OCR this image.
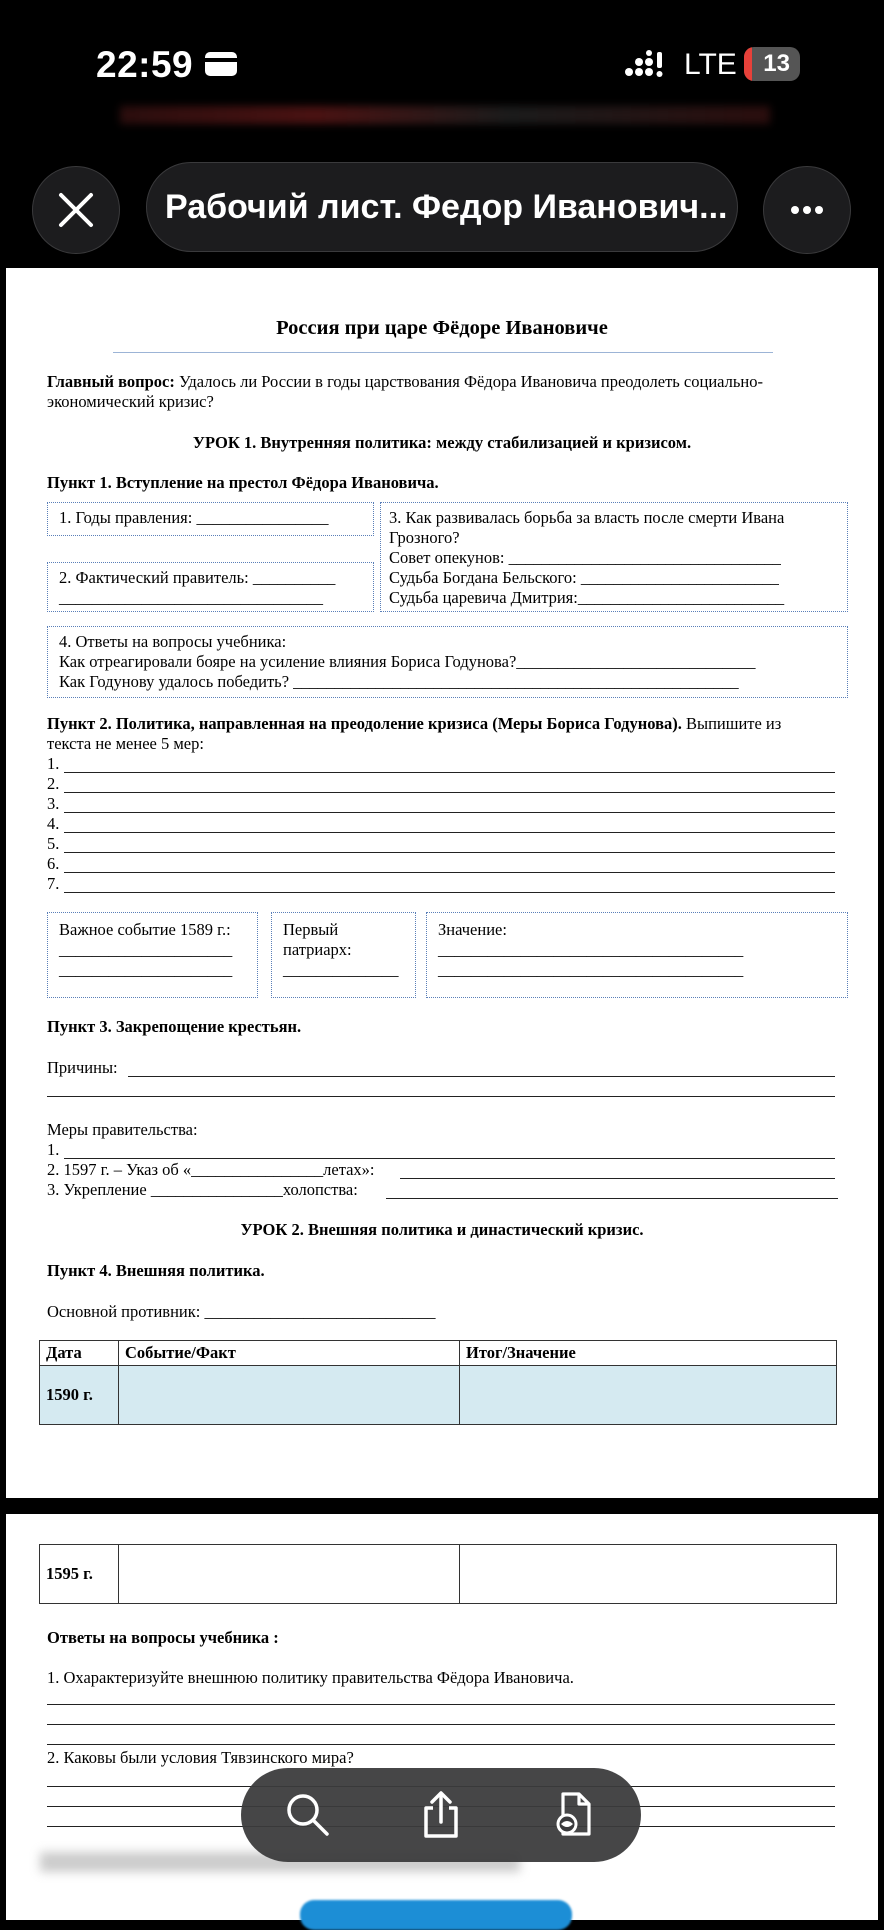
22:59	LTE	13
Рабочий лист. Федор Иванович...
Россия при царе Фёдоре Ивановиче
Главный вопрос: Удалось ли России в годы царствования Фёдора Ивановича преодолеть социально-
экономический кризис?
УРОК 1. Внутренняя политика: между стабилизацией и кризисом.
Пункт 1. Вступление на престол Фёдора Ивановича.
1. Годы правления: ________________
2. Фактический правитель: __________
________________________________
3. Как развивалась борьба за власть после смерти Ивана
Грозного?
Совет опекунов: _________________________________
Судьба Богдана Бельского: ________________________
Судьба царевича Дмитрия:_________________________
4. Ответы на вопросы учебника:
Как отреагировали бояре на усиление влияния Бориса Годунова?_____________________________
Как Годунову удалось победить? ______________________________________________________
Пункт 2. Политика, направленная на преодоление кризиса (Меры Бориса Годунова). Выпишите из
текста не менее 5 мер:
1.
2.
3.
4.
5.
6.
7.
Важное событие 1589 г.:
_____________________
_____________________
Первый
патриарх:
______________
Значение:
_____________________________________
_____________________________________
Пункт 3. Закрепощение крестьян.
Причины:
Меры правительства:
1.
2. 1597 г. – Указ об «________________летах»:
3. Укрепление ________________холопства:
УРОК 2. Внешняя политика и династический кризис.
Пункт 4. Внешняя политика.
Основной противник: ____________________________
Дата	Событие/Факт	Итог/Значение
1590 г.		
1595 г.		
Ответы на вопросы учебника :
1. Охарактеризуйте внешнюю политику правительства Фёдора Ивановича.
2. Каковы были условия Тявзинского мира?
